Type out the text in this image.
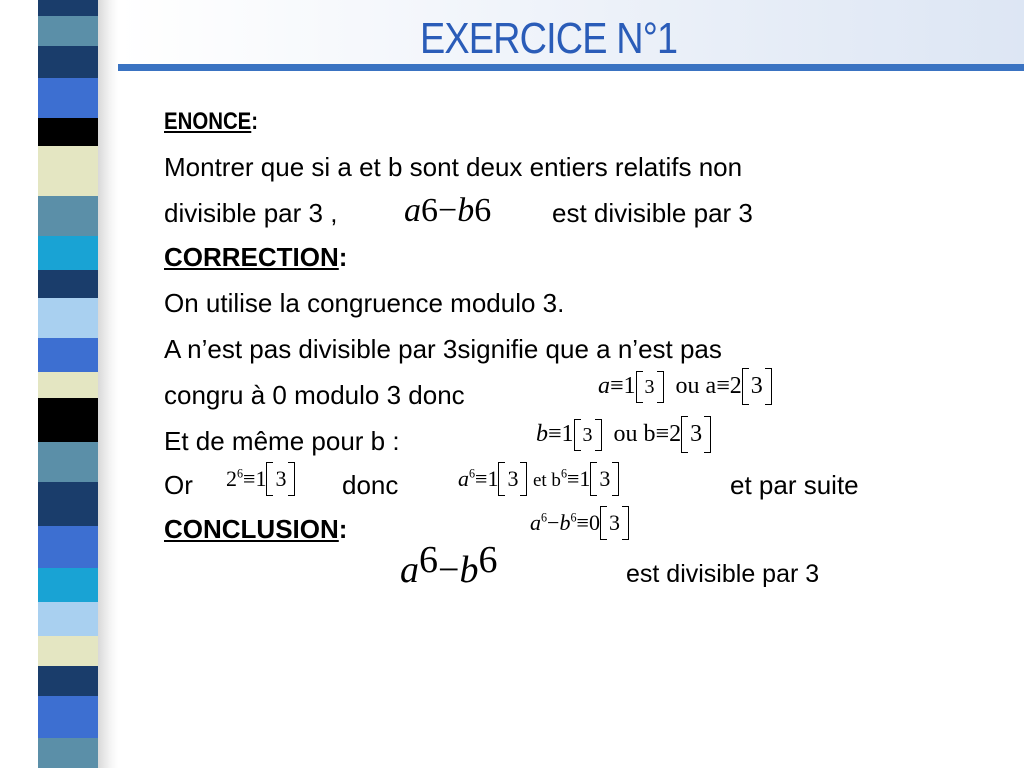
EXERCICE N°1
ENONCE:
Montrer que si a et b sont deux entiers relatifs non
divisible par 3 , a6−b6 est divisible par 3
CORRECTION:
On utilise la congruence modulo 3.
A n’est pas divisible par 3signifie que a n’est pas
congru à 0 modulo 3 donc	a≡1 3 ou a≡2 3
Et de même pour b :	b≡1 3 ou b≡2 3
Or $2^6\equiv 1$ 3	donc	$a^6\equiv 1$ 3 et $b^6\equiv 1$ 3	et par suite
CONCLUSION:	$a^6-b^6\equiv 0$ 3
a6−b6	est divisible par 3
